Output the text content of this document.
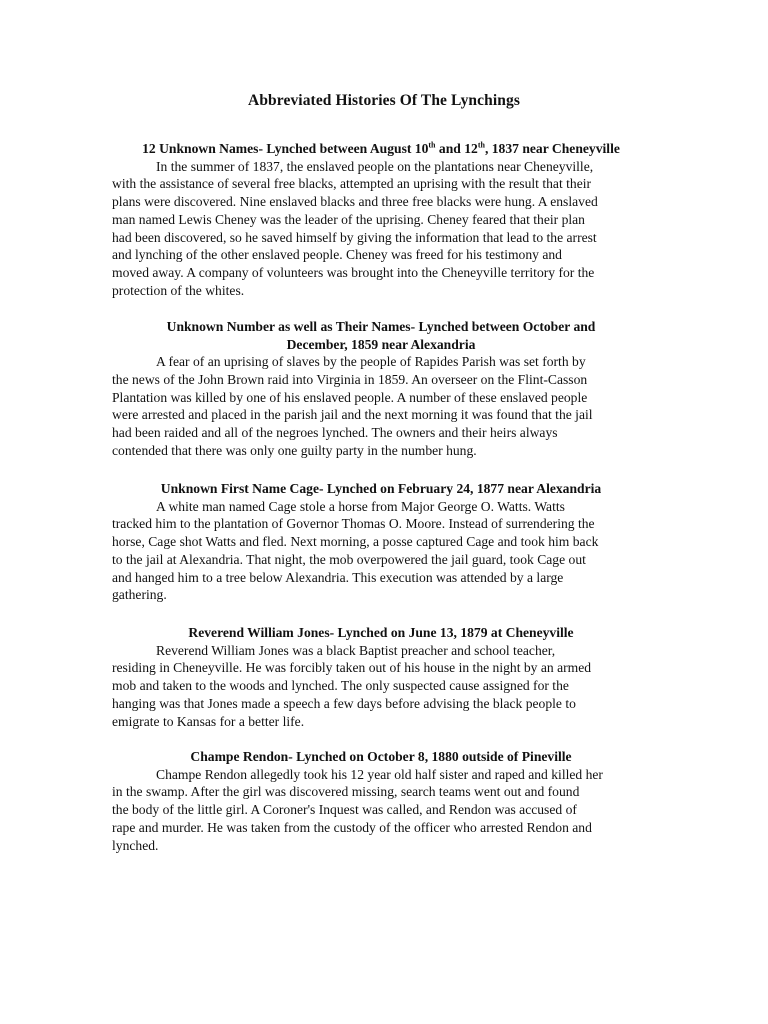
Abbreviated Histories Of The Lynchings
12 Unknown Names- Lynched between August 10th and 12th, 1837 near Cheneyville

In the summer of 1837, the enslaved people on the plantations near Cheneyville,
with the assistance of several free blacks, attempted an uprising with the result that their
plans were discovered. Nine enslaved blacks and three free blacks were hung. A enslaved
man named Lewis Cheney was the leader of the uprising. Cheney feared that their plan
had been discovered, so he saved himself by giving the information that lead to the arrest
and lynching of the other enslaved people. Cheney was freed for his testimony and
moved away. A company of volunteers was brought into the Cheneyville territory for the
protection of the whites.

Unknown Number as well as Their Names- Lynched between October and
December, 1859 near Alexandria

A fear of an uprising of slaves by the people of Rapides Parish was set forth by
the news of the John Brown raid into Virginia in 1859. An overseer on the Flint-Casson
Plantation was killed by one of his enslaved people. A number of these enslaved people
were arrested and placed in the parish jail and the next morning it was found that the jail
had been raided and all of the negroes lynched. The owners and their heirs always
contended that there was only one guilty party in the number hung.

Unknown First Name Cage- Lynched on February 24, 1877 near Alexandria

A white man named Cage stole a horse from Major George O. Watts. Watts
tracked him to the plantation of Governor Thomas O. Moore. Instead of surrendering the
horse, Cage shot Watts and fled. Next morning, a posse captured Cage and took him back
to the jail at Alexandria. That night, the mob overpowered the jail guard, took Cage out
and hanged him to a tree below Alexandria. This execution was attended by a large
gathering.

Reverend William Jones- Lynched on June 13, 1879 at Cheneyville

Reverend William Jones was a black Baptist preacher and school teacher,
residing in Cheneyville. He was forcibly taken out of his house in the night by an armed
mob and taken to the woods and lynched. The only suspected cause assigned for the
hanging was that Jones made a speech a few days before advising the black people to
emigrate to Kansas for a better life.

Champe Rendon- Lynched on October 8, 1880 outside of Pineville

Champe Rendon allegedly took his 12 year old half sister and raped and killed her
in the swamp. After the girl was discovered missing, search teams went out and found
the body of the little girl. A Coroner's Inquest was called, and Rendon was accused of
rape and murder. He was taken from the custody of the officer who arrested Rendon and
lynched.
